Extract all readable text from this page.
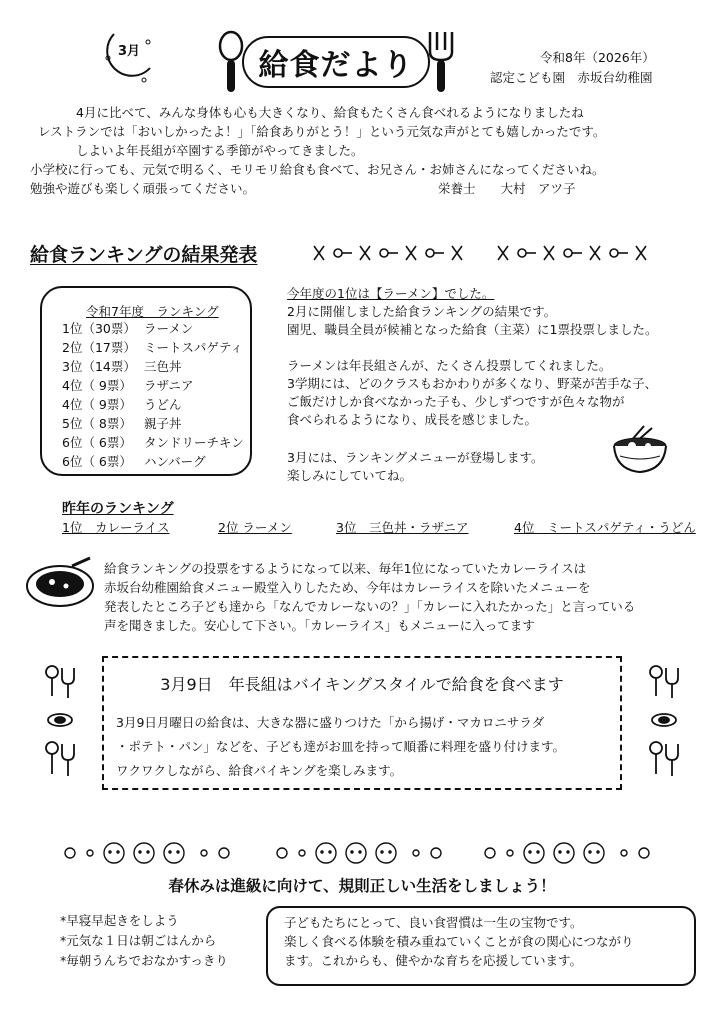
3月	給食だより	令和8年（2026年）
認定こども園　赤坂台幼稚園
4月に比べて、みんな身体も心も大きくなり、給食もたくさん食べれるようになりましたね
レストランでは「おいしかったよ！」「給食ありがとう！」という元気な声がとても嬉しかったです。
しよいよ年長組が卒園する季節がやってきました。
小学校に行っても、元気で明るく、モリモリ給食も食べて、お兄さん・お姉さんになってくださいね。
勉強や遊びも楽しく頑張ってください。	栄養士　　大村　アツ子
給食ランキングの結果発表
令和7年度　ランキング
1位（30票） ラーメン
2位（17票） ミートスパゲティ
3位（14票） 三色丼
4位（ 9票） ラザニア
4位（ 9票） うどん
5位（ 8票） 親子丼
6位（ 6票） タンドリーチキン
6位（ 6票） ハンバーグ
今年度の1位は【ラーメン】でした。
2月に開催しました給食ランキングの結果です。
園児、職員全員が候補となった給食（主菜）に1票投票しました。
ラーメンは年長組さんが、たくさん投票してくれました。
3学期には、どのクラスもおかわりが多くなり、野菜が苦手な子、
ご飯だけしか食べなかった子も、少しずつですが色々な物が
食べられるようになり、成長を感じました。
3月には、ランキングメニューが登場します。
楽しみにしていてね。
昨年のランキング
1位　カレーライス	2位 ラーメン	3位　三色丼・ラザニア	4位　ミートスパゲティ・うどん
給食ランキングの投票をするようになって以来、毎年1位になっていたカレーライスは
赤坂台幼稚園給食メニュー殿堂入りしたため、今年はカレーライスを除いたメニューを
発表したところ子ども達から「なんでカレーないの？」「カレーに入れたかった」と言っている
声を聞きました。安心して下さい。「カレーライス」もメニューに入ってます
3月9日　年長組はバイキングスタイルで給食を食べます
3月9日月曜日の給食は、大きな器に盛りつけた「から揚げ・マカロニサラダ
・ポテト・パン」などを、子ども達がお皿を持って順番に料理を盛り付けます。
ワクワクしながら、給食バイキングを楽しみます。
春休みは進級に向けて、規則正しい生活をしましょう！
*早寝早起きをしよう
*元気な１日は朝ごはんから
*毎朝うんちでおなかすっきり
子どもたちにとって、良い食習慣は一生の宝物です。
楽しく食べる体験を積み重ねていくことが食の関心につながり
ます。これからも、健やかな育ちを応援しています。
